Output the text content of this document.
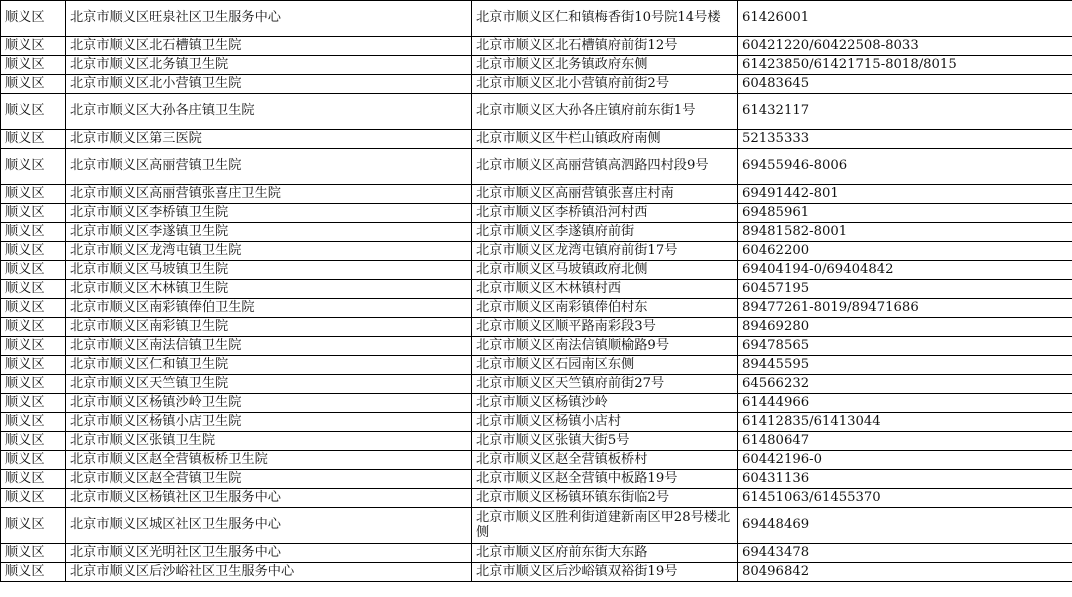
顺义区	北京市顺义区旺泉社区卫生服务中心	北京市顺义区仁和镇梅香街10号院14号楼	61426001
顺义区	北京市顺义区北石槽镇卫生院	北京市顺义区北石槽镇府前街12号	60421220/60422508-8033
顺义区	北京市顺义区北务镇卫生院	北京市顺义区北务镇政府东侧	61423850/61421715-8018/8015
顺义区	北京市顺义区北小营镇卫生院	北京市顺义区北小营镇府前街2号	60483645
顺义区	北京市顺义区大孙各庄镇卫生院	北京市顺义区大孙各庄镇府前东街1号	61432117
顺义区	北京市顺义区第三医院	北京市顺义区牛栏山镇政府南侧	52135333
顺义区	北京市顺义区高丽营镇卫生院	北京市顺义区高丽营镇高泗路四村段9号	69455946-8006
顺义区	北京市顺义区高丽营镇张喜庄卫生院	北京市顺义区高丽营镇张喜庄村南	69491442-801
顺义区	北京市顺义区李桥镇卫生院	北京市顺义区李桥镇沿河村西	69485961
顺义区	北京市顺义区李遂镇卫生院	北京市顺义区李遂镇府前街	89481582-8001
顺义区	北京市顺义区龙湾屯镇卫生院	北京市顺义区龙湾屯镇府前街17号	60462200
顺义区	北京市顺义区马坡镇卫生院	北京市顺义区马坡镇政府北侧	69404194-0/69404842
顺义区	北京市顺义区木林镇卫生院	北京市顺义区木林镇村西	60457195
顺义区	北京市顺义区南彩镇俸伯卫生院	北京市顺义区南彩镇俸伯村东	89477261-8019/89471686
顺义区	北京市顺义区南彩镇卫生院	北京市顺义区顺平路南彩段3号	89469280
顺义区	北京市顺义区南法信镇卫生院	北京市顺义区南法信镇顺榆路9号	69478565
顺义区	北京市顺义区仁和镇卫生院	北京市顺义区石园南区东侧	89445595
顺义区	北京市顺义区天竺镇卫生院	北京市顺义区天竺镇府前街27号	64566232
顺义区	北京市顺义区杨镇沙岭卫生院	北京市顺义区杨镇沙岭	61444966
顺义区	北京市顺义区杨镇小店卫生院	北京市顺义区杨镇小店村	61412835/61413044
顺义区	北京市顺义区张镇卫生院	北京市顺义区张镇大街5号	61480647
顺义区	北京市顺义区赵全营镇板桥卫生院	北京市顺义区赵全营镇板桥村	60442196-0
顺义区	北京市顺义区赵全营镇卫生院	北京市顺义区赵全营镇中板路19号	60431136
顺义区	北京市顺义区杨镇社区卫生服务中心	北京市顺义区杨镇环镇东街临2号	61451063/61455370
顺义区	北京市顺义区城区社区卫生服务中心	北京市顺义区胜利街道建新南区甲28号楼北侧	69448469
顺义区	北京市顺义区光明社区卫生服务中心	北京市顺义区府前东街大东路	69443478
顺义区	北京市顺义区后沙峪社区卫生服务中心	北京市顺义区后沙峪镇双裕街19号	80496842
